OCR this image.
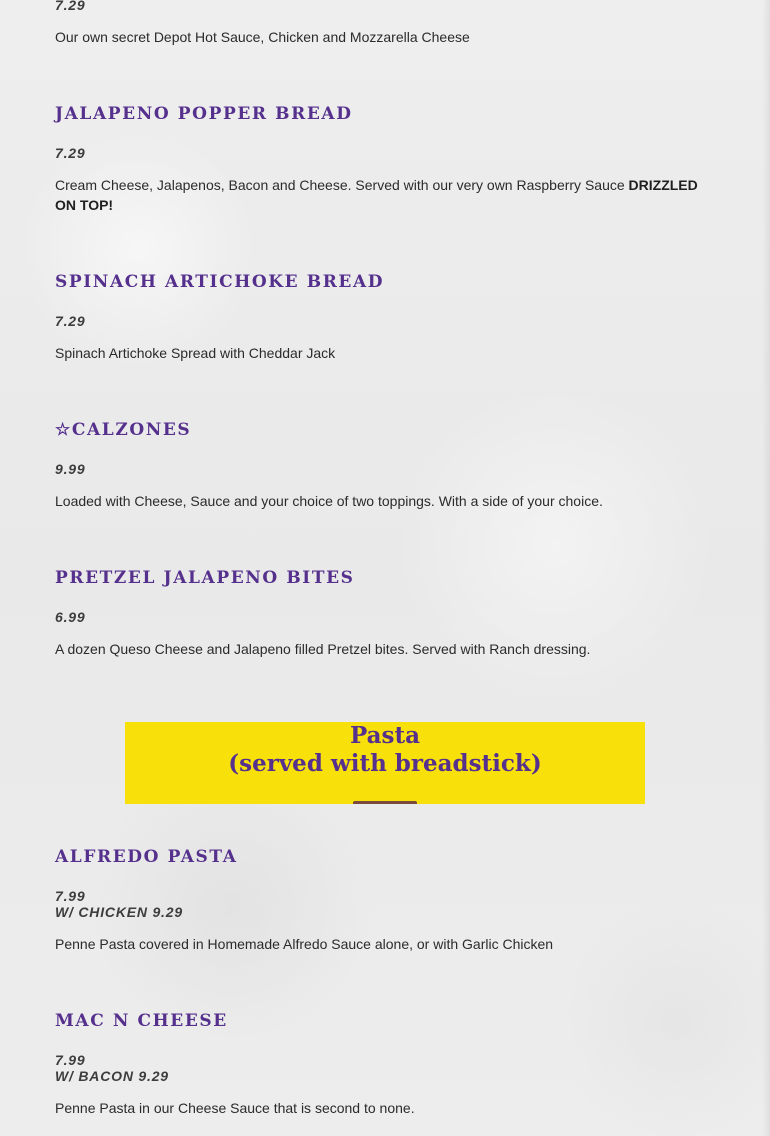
7.29
Our own secret Depot Hot Sauce, Chicken and Mozzarella Cheese
JALAPENO POPPER BREAD
7.29
Cream Cheese, Jalapenos, Bacon and Cheese. Served with our very own Raspberry Sauce DRIZZLED ON TOP!
SPINACH ARTICHOKE BREAD
7.29
Spinach Artichoke Spread with Cheddar Jack
☆CALZONES
9.99
Loaded with Cheese, Sauce and your choice of two toppings. With a side of your choice.
PRETZEL JALAPENO BITES
6.99
A dozen Queso Cheese and Jalapeno filled Pretzel bites. Served with Ranch dressing.
Pasta
(served with breadstick)
ALFREDO PASTA
7.99
W/ CHICKEN 9.29
Penne Pasta covered in Homemade Alfredo Sauce alone, or with Garlic Chicken
MAC N CHEESE
7.99
W/ BACON 9.29
Penne Pasta in our Cheese Sauce that is second to none.
